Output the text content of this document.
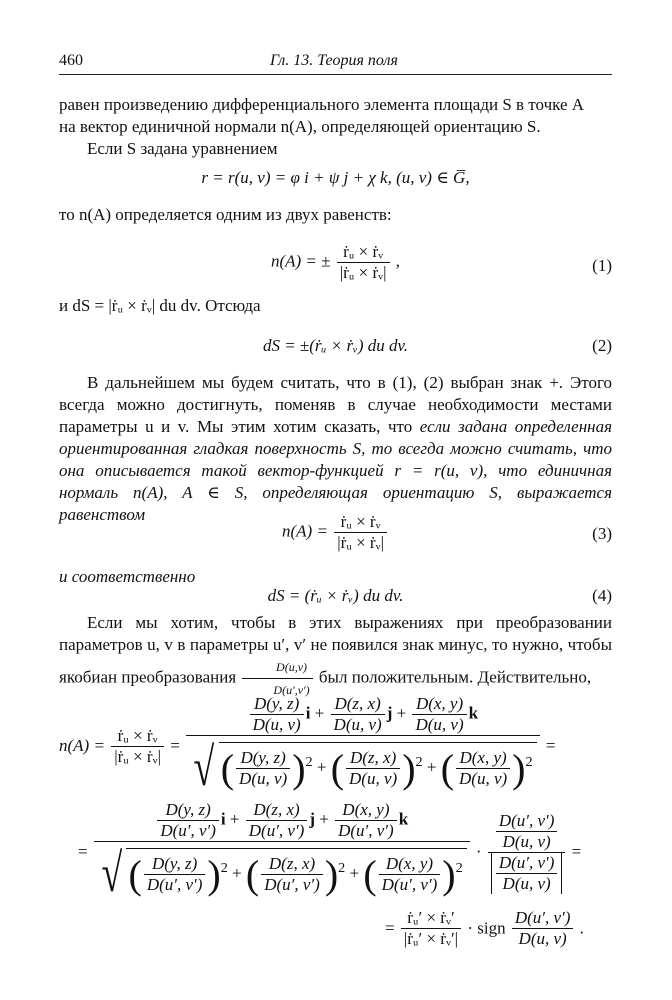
460	Гл. 13. Теория поля
равен произведению дифференциального элемента площади S в точке A
на вектор единичной нормали n(A), определяющей ориентацию S.
Если S задана уравнением
r = r(u, v) = φ i + ψ j + χ k, (u, v) ∈ G̅,
то n(A) определяется одним из двух равенств:
n(A) = ± $\frac{\text{ṙᵤ × ṙᵥ}}{\text{|ṙᵤ × ṙᵥ|}}$ ,	(1)
и dS = |ṙᵤ × ṙᵥ| du dv. Отсюда
dS = ±(ṙᵤ × ṙᵥ) du dv.	(2)
В дальнейшем мы будем считать, что в (1), (2) выбран знак +. Этого всегда можно достигнуть, поменяв в случае необходимости местами параметры u и v. Мы этим хотим сказать, что если задана определенная ориентированная гладкая поверхность S, то всегда можно считать, что она описывается такой вектор-функцией r = r(u, v), что единичная нормаль n(A), A ∈ S, определяющая ориентацию S, выражается равенством
$n(A) = \frac{\text{ṙᵤ × ṙᵥ}}{\text{|ṙᵤ × ṙᵥ|}}$	(3)
и соответственно
dS = (ṙᵤ × ṙᵥ) du dv.	(4)
Если мы хотим, чтобы в этих выражениях при преобразовании параметров u, v в параметры u′, v′ не появился знак минус, то нужно, чтобы якобиан преобразования $\frac{D(u,v)}{D(u',v')}$ был положительным. Действительно,
$n(A) = \frac{\text{ṙᵤ × ṙᵥ}}{\text{|ṙᵤ × ṙᵥ|}}$ =
$\frac{D(y, z)}{D(u, v)}$ $i + \frac{D(z, x)}{D(u, v)}$ $j + \frac{D(x, y)}{D(u, v)}$ k
√ ( $\frac{D(y, z)}{D(u, v)} )^2$ + ( $\frac{D(z, x)}{D(u, v)} )^2$ + ( $\frac{D(x, y)}{D(u, v)} )^2$
=
=
$\frac{D(y, z)}{D(u', v')}$ $i + \frac{D(z, x)}{D(u', v')}$ $j + \frac{D(x, y)}{D(u', v')}$ k
√ ( $\frac{D(y, z)}{D(u', v')} )^2$ + ( $\frac{D(z, x)}{D(u', v')} )^2$ + ( $\frac{D(x, y)}{D(u', v')} )^2$
· $\frac{\frac{D(u', v')}{D(u, v)}}{\frac{D(u', v')}{D(u, v)}}$ =
= $\frac{\text{ṙᵤ′ × ṙᵥ′}}{\text{|ṙᵤ′ × ṙᵥ′|}}$ · sign $\frac{D(u', v')}{D(u, v)}$ .
